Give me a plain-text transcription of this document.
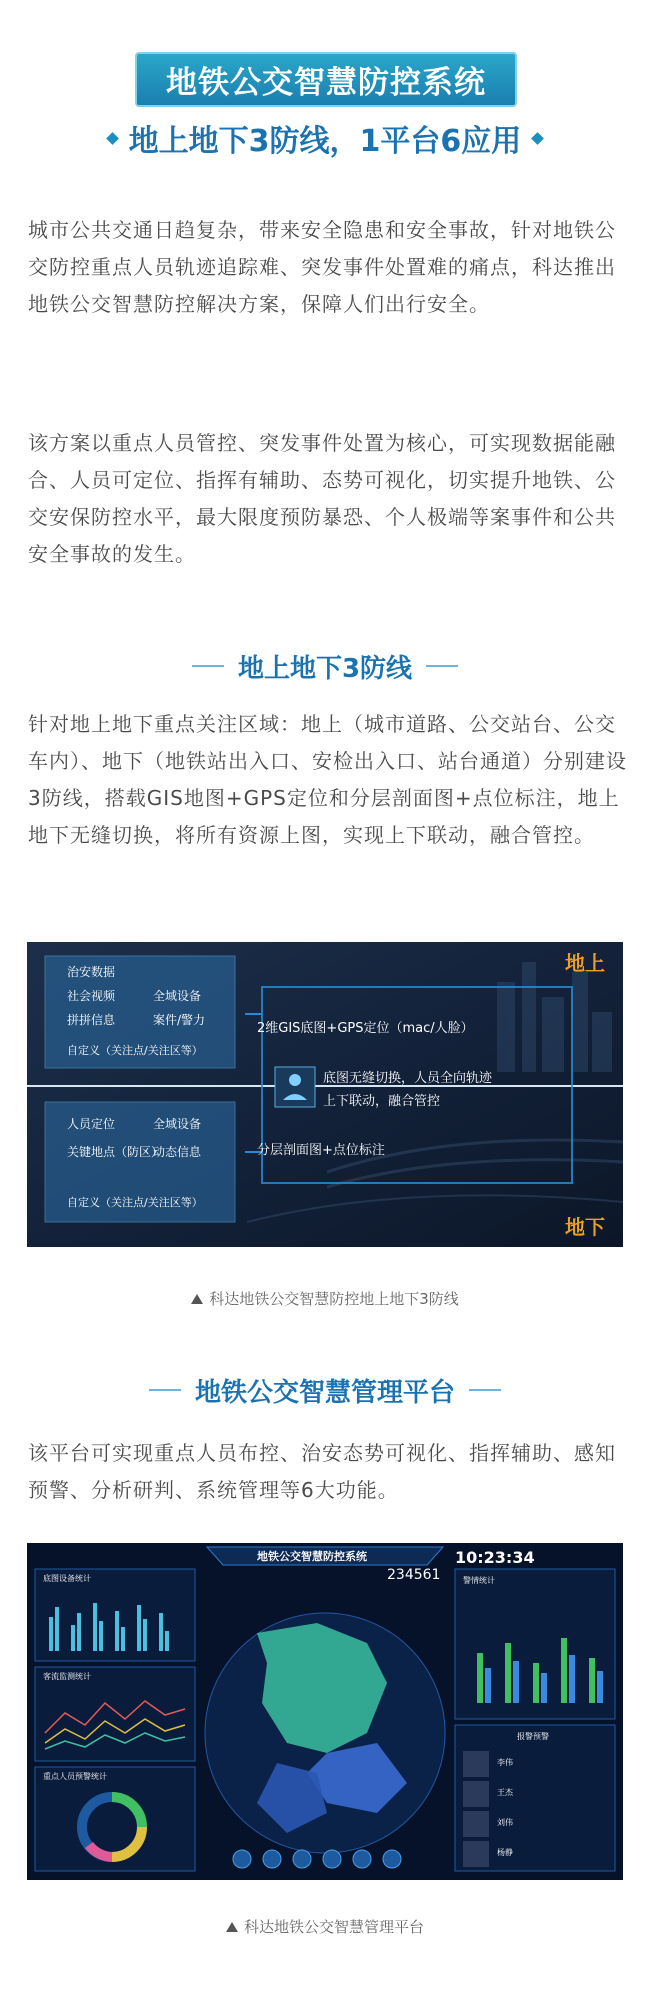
地铁公交智慧防控系统
地上地下3防线，1平台6应用
城市公共交通日趋复杂，带来安全隐患和安全事故，针对地铁公交防控重点人员轨迹追踪难、突发事件处置难的痛点，科达推出地铁公交智慧防控解决方案，保障人们出行安全。
该方案以重点人员管控、突发事件处置为核心，可实现数据能融合、人员可定位、指挥有辅助、态势可视化，切实提升地铁、公交安保防控水平，最大限度预防暴恐、个人极端等案事件和公共安全事故的发生。
地上地下3防线
针对地上地下重点关注区域：地上（城市道路、公交站台、公交车内）、地下（地铁站出入口、安检出入口、站台通道）分别建设3防线，搭载GIS地图+GPS定位和分层剖面图+点位标注，地上地下无缝切换，将所有资源上图，实现上下联动，融合管控。
治安数据
社会视频	全域设备
拼拼信息	案件/警力
自定义（关注点/关注区等）
人员定位	全域设备
关键地点（防区）
动态信息
自定义（关注点/关注区等）
2维GIS底图+GPS定位（mac/人脸）
底图无缝切换，人员全向轨迹
上下联动，融合管控
分层剖面图+点位标注
地上
地下
科达地铁公交智慧防控地上地下3防线
地铁公交智慧管理平台
该平台可实现重点人员布控、治安态势可视化、指挥辅助、感知预警、分析研判、系统管理等6大功能。
地铁公交智慧防控系统	10:23:34
234561
底图设备统计
客流监测统计
重点人员预警统计
警情统计
报警预警
李伟
王杰
刘伟
杨静
科达地铁公交智慧管理平台
